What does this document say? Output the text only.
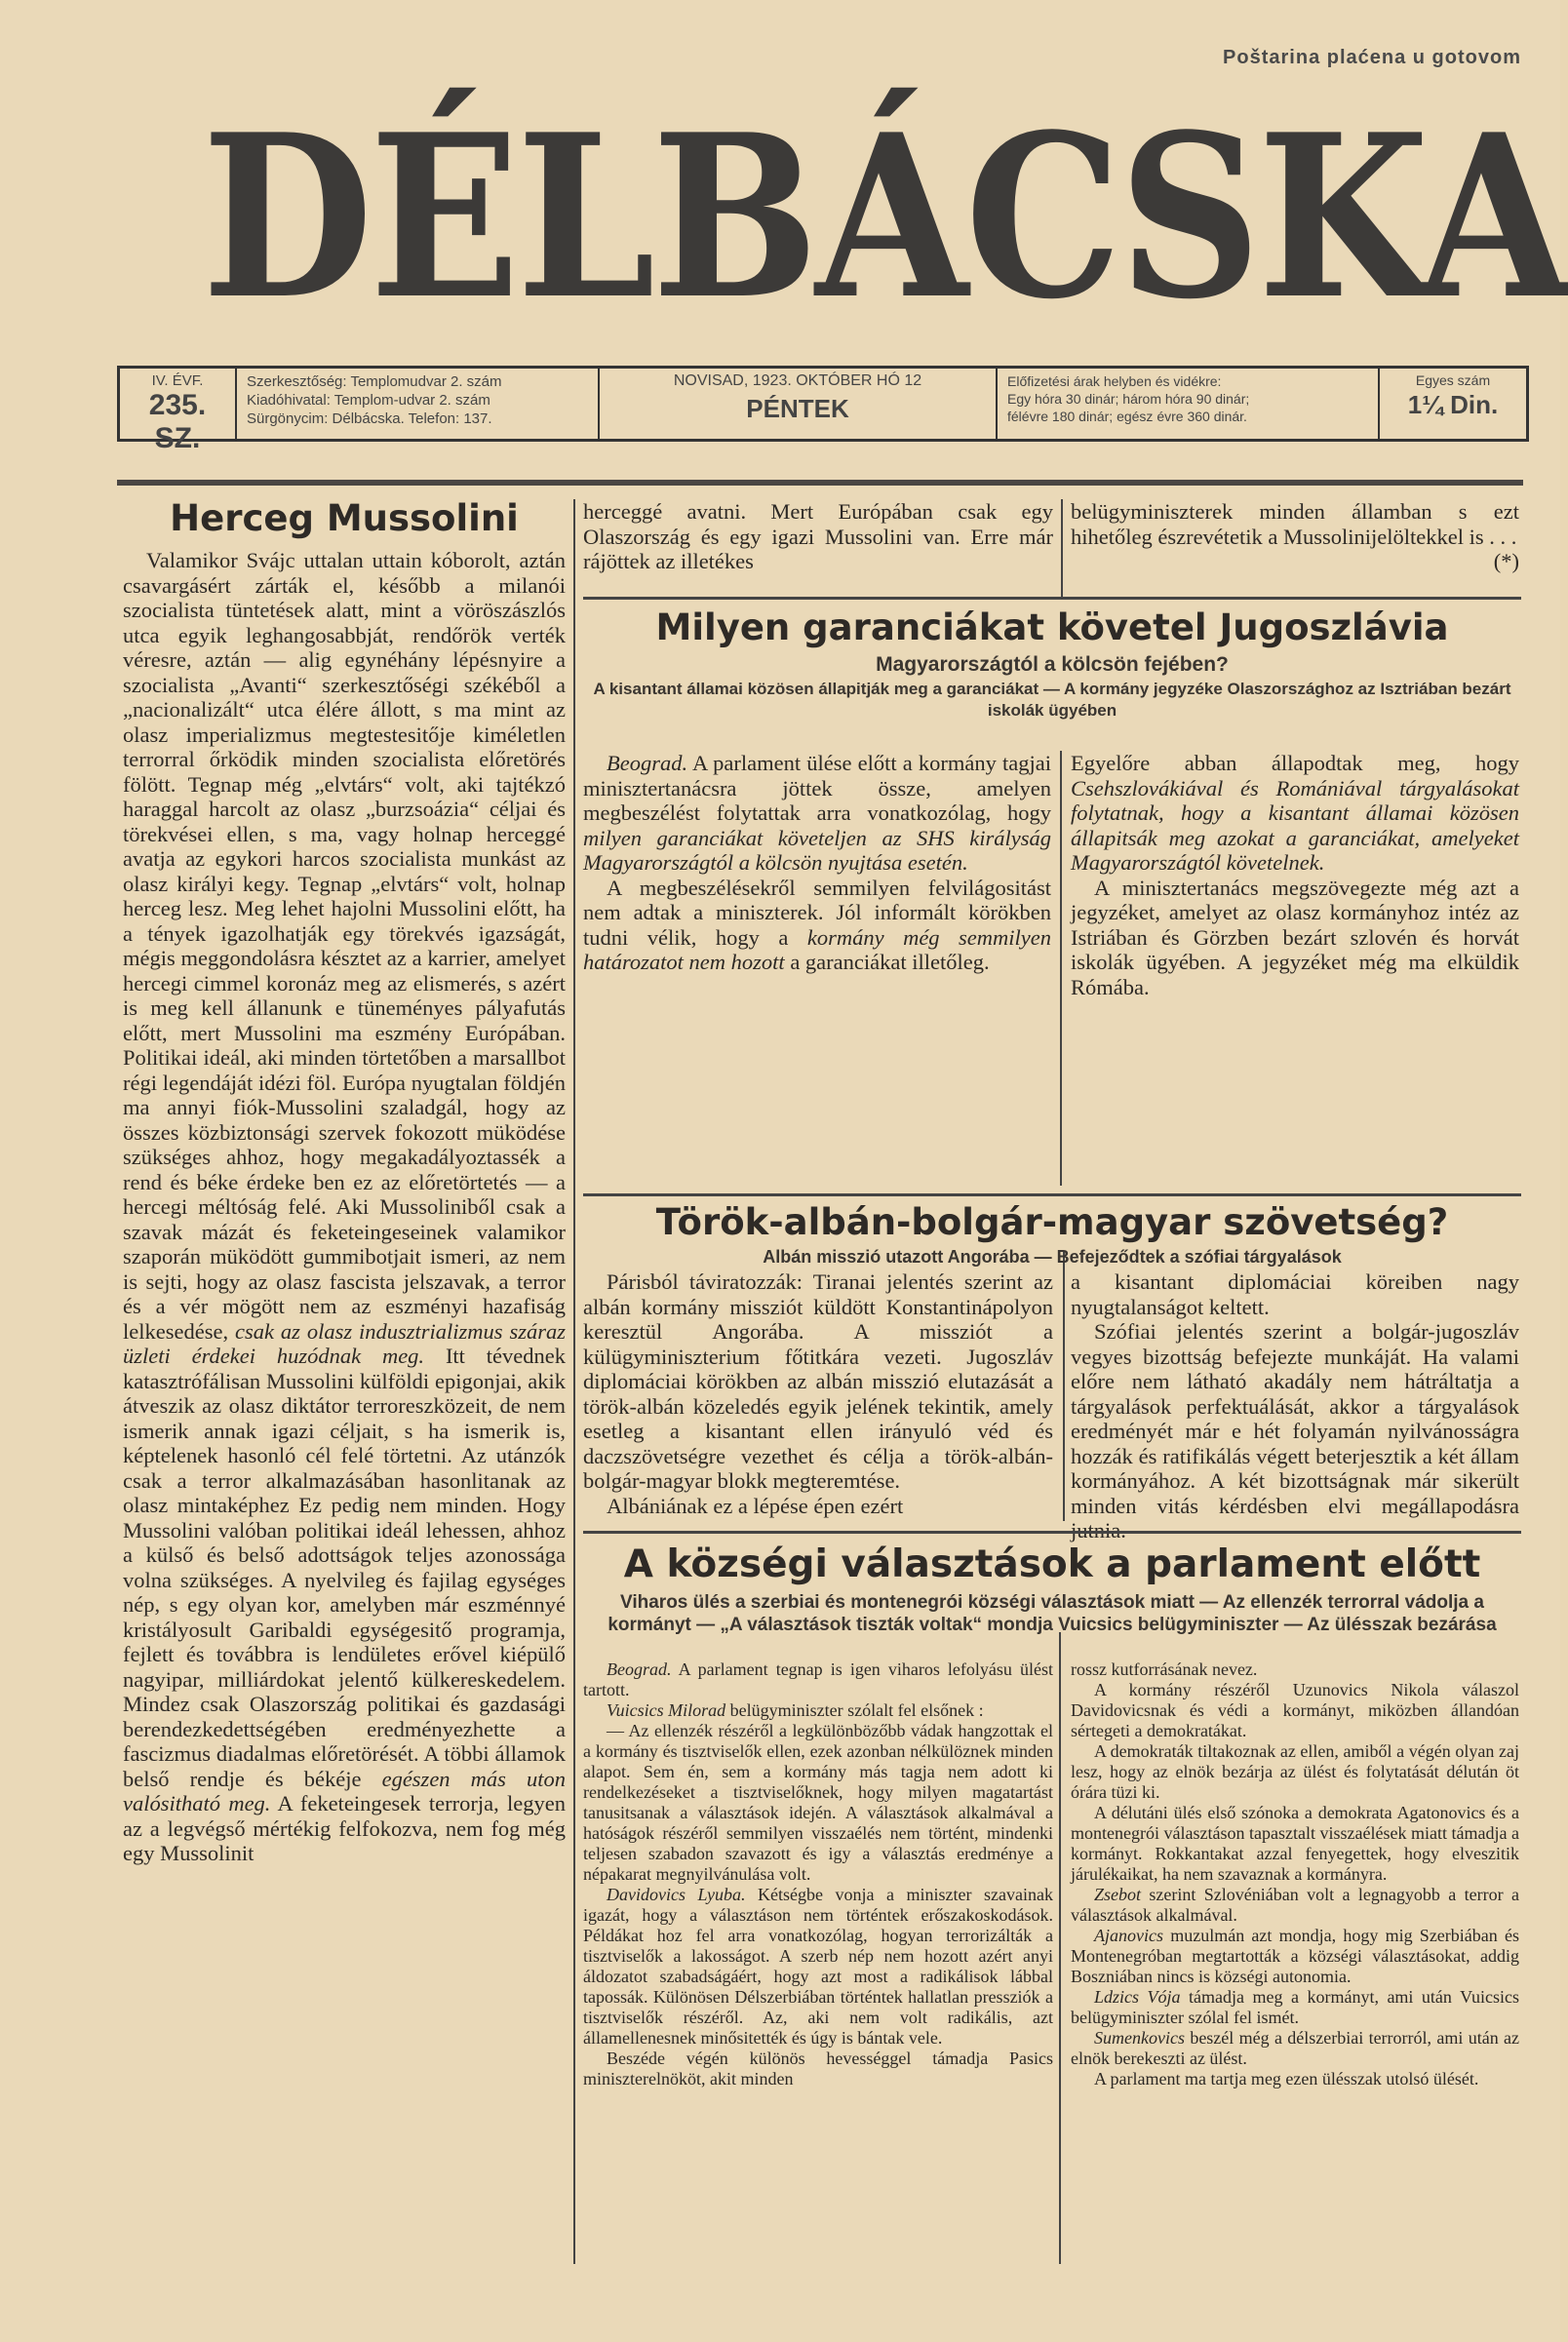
Poštarina plaćena u gotovom
DÉLBÁCSKA
IV. ÉVF.
235. SZ.
Szerkesztőség: Templomudvar 2. szám
Kiadóhivatal: Templom-udvar 2. szám
Sürgönycim: Délbácska. Telefon: 137.
NOVISAD, 1923. OKTÓBER HÓ 12
PÉNTEK
Előfizetési árak helyben és vidékre:
Egy hóra 30 dinár; három hóra 90 dinár;
félévre 180 dinár; egész évre 360 dinár.
Egyes szám
1¼ Din.
Herceg Mussolini

Valamikor Svájc uttalan uttain kóborolt, aztán csavargásért zárták el, később a milanói szocialista tüntetések alatt, mint a vöröszászlós utca egyik leghangosabbját, rendőrök verték véresre, aztán — alig egynéhány lépésnyire a szocialista „Avanti“ szerkesztőségi székéből a „nacionalizált“ utca élére állott, s ma mint az olasz imperializmus megtestesitője kiméletlen terrorral őrködik minden szocialista előretörés fölött. Tegnap még „elvtárs“ volt, aki tajtékzó haraggal harcolt az olasz „burzsoázia“ céljai és törekvései ellen, s ma, vagy holnap herceggé avatja az egykori harcos szocialista munkást az olasz királyi kegy. Tegnap „elvtárs“ volt, holnap herceg lesz. Meg lehet hajolni Mussolini előtt, ha a tények igazolhatják egy törekvés igazságát, mégis meggondolásra késztet az a karrier, amelyet hercegi cimmel koronáz meg az elismerés, s azért is meg kell állanunk e tüneményes pályafutás előtt, mert Mussolini ma eszmény Európában. Politikai ideál, aki minden törtetőben a marsallbot régi legendáját idézi föl. Európa nyugtalan földjén ma annyi fiók-Mussolini szaladgál, hogy az összes közbiztonsági szervek fokozott müködése szükséges ahhoz, hogy megakadályoztassék a rend és béke érdeke ben ez az előretörtetés — a hercegi méltóság felé. Aki Mussoliniből csak a szavak mázát és feketeingeseinek valamikor szaporán müködött gummibotjait ismeri, az nem is sejti, hogy az olasz fascista jelszavak, a terror és a vér mögött nem az eszményi hazafiság lelkesedése, csak az olasz indusztrializmus száraz üzleti érdekei huzódnak meg. Itt tévednek katasztrófálisan Mussolini külföldi epigonjai, akik átveszik az olasz diktátor terroreszközeit, de nem ismerik annak igazi céljait, s ha ismerik is, képtelenek hasonló cél felé törtetni. Az utánzók csak a terror alkalmazásában hasonlitanak az olasz mintaképhez Ez pedig nem minden. Hogy Mussolini valóban politikai ideál lehessen, ahhoz a külső és belső adottságok teljes azonossága volna szükséges. A nyelvileg és fajilag egységes nép, s egy olyan kor, amelyben már eszménnyé kristályosult Garibaldi egységesitő programja, fejlett és továbbra is lendületes erővel kiépülő nagyipar, milliárdokat jelentő külkereskedelem. Mindez csak Olaszország politikai és gazdasági berendezkedettségében eredményezhette a fascizmus diadalmas előretörését. A többi államok belső rendje és békéje egészen más uton valósitható meg. A feketeingesek terrorja, legyen az a legvégső mértékig felfokozva, nem fog még egy Mussolinit

herceggé avatni. Mert Európában csak egy Olaszország és egy igazi Mussolini van. Erre már rájöttek az illetékes

belügyminiszterek minden államban s ezt hihetőleg észrevétetik a Mussolinijelöltekkel is . . .
(*)

Milyen garanciákat követel Jugoszlávia
Magyarországtól a kölcsön fejében?
A kisantant államai közösen állapitják meg a garanciákat — A kormány jegyzéke Olaszországhoz az Isztriában bezárt iskolák ügyében

Beograd. A parlament ülése előtt a kormány tagjai minisztertanácsra jöttek össze, amelyen megbeszélést folytattak arra vonatkozólag, hogy milyen garanciákat követeljen az SHS királyság Magyarországtól a kölcsön nyujtása esetén.

A megbeszélésekről semmilyen felvilágositást nem adtak a miniszterek. Jól informált körökben tudni vélik, hogy a kormány még semmilyen határozatot nem hozott a garanciákat illetőleg.

Egyelőre abban állapodtak meg, hogy Csehszlovákiával és Romániával tárgyalásokat folytatnak, hogy a kisantant államai közösen állapitsák meg azokat a garanciákat, amelyeket Magyarországtól követelnek.

A minisztertanács megszövegezte még azt a jegyzéket, amelyet az olasz kormányhoz intéz az Istriában és Görzben bezárt szlovén és horvát iskolák ügyében. A jegyzéket még ma elküldik Rómába.

Török-albán-bolgár-magyar szövetség?
Albán misszió utazott Angorába — Befejeződtek a szófiai tárgyalások

Párisból táviratozzák: Tiranai jelentés szerint az albán kormány missziót küldött Konstantinápolyon keresztül Angorába. A missziót a külügyminiszterium főtitkára vezeti. Jugoszláv diplomáciai körökben az albán misszió elutazását a török-albán közeledés egyik jelének tekintik, amely esetleg a kisantant ellen irányuló véd és daczszövetségre vezethet és célja a török-albán-bolgár-magyar blokk megteremtése.

Albániának ez a lépése épen ezért

a kisantant diplomáciai köreiben nagy nyugtalanságot keltett.

Szófiai jelentés szerint a bolgár-jugoszláv vegyes bizottság befejezte munkáját. Ha valami előre nem látható akadály nem hátráltatja a tárgyalások perfektuálását, akkor a tárgyalások eredményét már e hét folyamán nyilvánosságra hozzák és ratifikálás végett beterjesztik a két állam kormányához. A két bizottságnak már sikerült minden vitás kérdésben elvi megállapodásra

A községi választások a parlament előtt
Viharos ülés a szerbiai és montenegrói községi választások miatt — Az ellenzék terrorral vádolja a kormányt — „A választások tiszták voltak“ mondja Vuicsics belügyminiszter — Az ülésszak bezárása

Beograd. A parlament tegnap is igen viharos lefolyásu ülést tartott.

Vuicsics Milorad belügyminiszter szólalt fel elsőnek :

— Az ellenzék részéről a legkülönbözőbb vádak hangzottak el a kormány és tisztviselők ellen, ezek azonban nélkülöznek minden alapot. Sem én, sem a kormány más tagja nem adott ki rendelkezéseket a tisztviselőknek, hogy milyen magatartást tanusitsanak a választások idején. A választások alkalmával a hatóságok részéről semmilyen visszaélés nem történt, mindenki teljesen szabadon szavazott és igy a választás eredménye a népakarat megnyilvánulása volt.

Davidovics Lyuba. Kétségbe vonja a miniszter szavainak igazát, hogy a választáson nem történtek erőszakoskodások. Példákat hoz fel arra vonatkozólag, hogyan terrorizálták a tisztviselők a lakosságot. A szerb nép nem hozott azért anyi áldozatot szabadságáért, hogy azt most a radikálisok lábbal tapossák. Különösen Délszerbiában történtek hallatlan pressziók a tisztviselők részéről. Az, aki nem volt radikális, azt államellenesnek minősitették és úgy is bántak vele.

Beszéde végén különös hevességgel támadja Pasics miniszterelnököt, akit minden

rossz kutforrásának nevez.

A kormány részéről Uzunovics Nikola válaszol Davidovicsnak és védi a kormányt, miközben állandóan sértegeti a demokratákat.

A demokraták tiltakoznak az ellen, amiből a végén olyan zaj lesz, hogy az elnök bezárja az ülést és folytatását délután öt órára tüzi ki.

A délutáni ülés első szónoka a demokrata Agatonovics és a montenegrói választáson tapasztalt visszaélések miatt támadja a kormányt. Rokkantakat azzal fenyegettek, hogy elveszitik járulékaikat, ha nem szavaznak a kormányra.

Zsebot szerint Szlovéniában volt a legnagyobb a terror a választások alkalmával.

Ajanovics muzulmán azt mondja, hogy mig Szerbiában és Montenegróban megtartották a községi választásokat, addig Boszniában nincs is községi autonomia.

Ldzics Vója támadja meg a kormányt, ami után Vuicsics belügyminiszter szólal fel ismét.

Sumenkovics beszél még a délszerbiai terrorról, ami után az elnök berekeszti az ülést.

A parlament ma tartja meg ezen ülésszak utolsó ülését.
